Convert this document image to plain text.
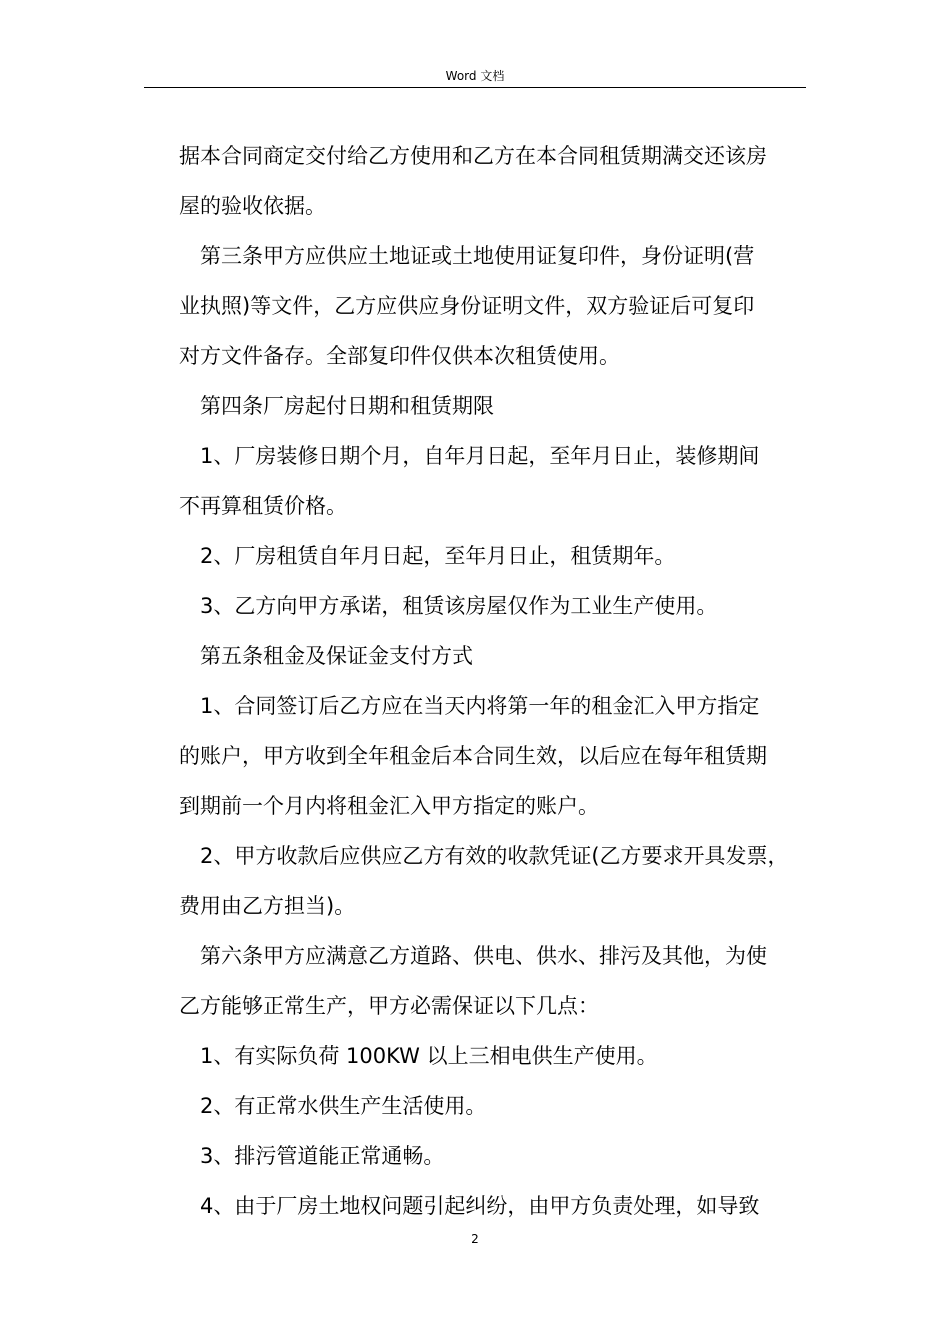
Word 文档
据本合同商定交付给乙方使用和乙方在本合同租赁期满交还该房
屋的验收依据。
第三条甲方应供应土地证或土地使用证复印件，身份证明(营
业执照)等文件，乙方应供应身份证明文件，双方验证后可复印
对方文件备存。全部复印件仅供本次租赁使用。
第四条厂房起付日期和租赁期限
1、厂房装修日期个月，自年月日起，至年月日止，装修期间
不再算租赁价格。
2、厂房租赁自年月日起，至年月日止，租赁期年。
3、乙方向甲方承诺，租赁该房屋仅作为工业生产使用。
第五条租金及保证金支付方式
1、合同签订后乙方应在当天内将第一年的租金汇入甲方指定
的账户，甲方收到全年租金后本合同生效，以后应在每年租赁期
到期前一个月内将租金汇入甲方指定的账户。
2、甲方收款后应供应乙方有效的收款凭证(乙方要求开具发票，
费用由乙方担当)。
第六条甲方应满意乙方道路、供电、供水、排污及其他，为使
乙方能够正常生产，甲方必需保证以下几点：
1、有实际负荷 100KW 以上三相电供生产使用。
2、有正常水供生产生活使用。
3、排污管道能正常通畅。
4、由于厂房土地权问题引起纠纷，由甲方负责处理，如导致
2
